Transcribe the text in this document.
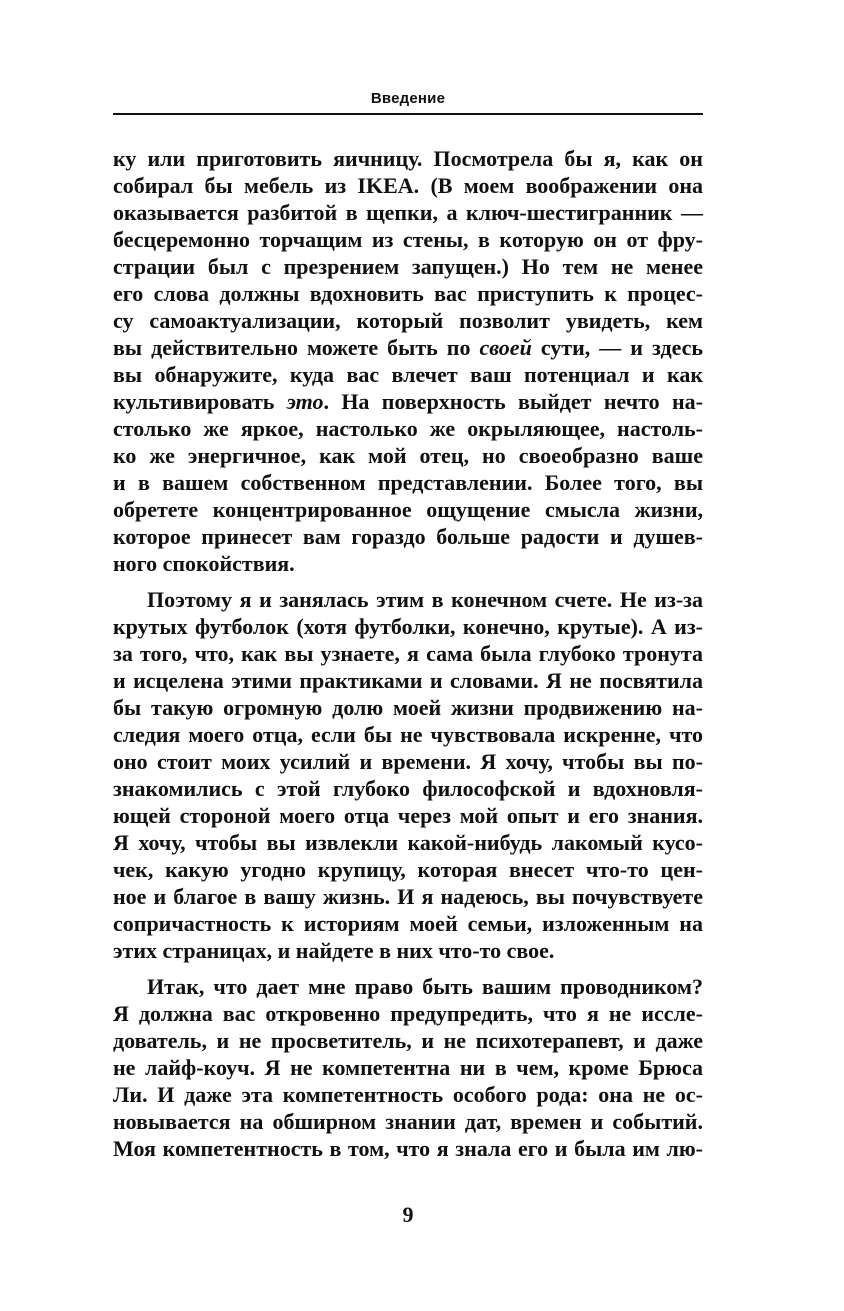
Введение
ку или приготовить яичницу. Посмотрела бы я, как он
собирал бы мебель из IKEA. (В моем воображении она
оказывается разбитой в щепки, а ключ-шестигранник —
бесцеремонно торчащим из стены, в которую он от фру-
страции был с презрением запущен.) Но тем не менее
его слова должны вдохновить вас приступить к процес-
су самоактуализации, который позволит увидеть, кем
вы действительно можете быть по своей сути, — и здесь
вы обнаружите, куда вас влечет ваш потенциал и как
культивировать это. На поверхность выйдет нечто на-
столько же яркое, настолько же окрыляющее, настоль-
ко же энергичное, как мой отец, но своеобразно ваше
и в вашем собственном представлении. Более того, вы
обретете концентрированное ощущение смысла жизни,
которое принесет вам гораздо больше радости и душев-
ного спокойствия.
Поэтому я и занялась этим в конечном счете. Не из-за
крутых футболок (хотя футболки, конечно, крутые). А из-
за того, что, как вы узнаете, я сама была глубоко тронута
и исцелена этими практиками и словами. Я не посвятила
бы такую огромную долю моей жизни продвижению на-
следия моего отца, если бы не чувствовала искренне, что
оно стоит моих усилий и времени. Я хочу, чтобы вы по-
знакомились с этой глубоко философской и вдохновля-
ющей стороной моего отца через мой опыт и его знания.
Я хочу, чтобы вы извлекли какой-нибудь лакомый кусо-
чек, какую угодно крупицу, которая внесет что-то цен-
ное и благое в вашу жизнь. И я надеюсь, вы почувствуете
сопричастность к историям моей семьи, изложенным на
этих страницах, и найдете в них что-то свое.
Итак, что дает мне право быть вашим проводником?
Я должна вас откровенно предупредить, что я не иссле-
дователь, и не просветитель, и не психотерапевт, и даже
не лайф-коуч. Я не компетентна ни в чем, кроме Брюса
Ли. И даже эта компетентность особого рода: она не ос-
новывается на обширном знании дат, времен и событий.
Моя компетентность в том, что я знала его и была им лю-
9
